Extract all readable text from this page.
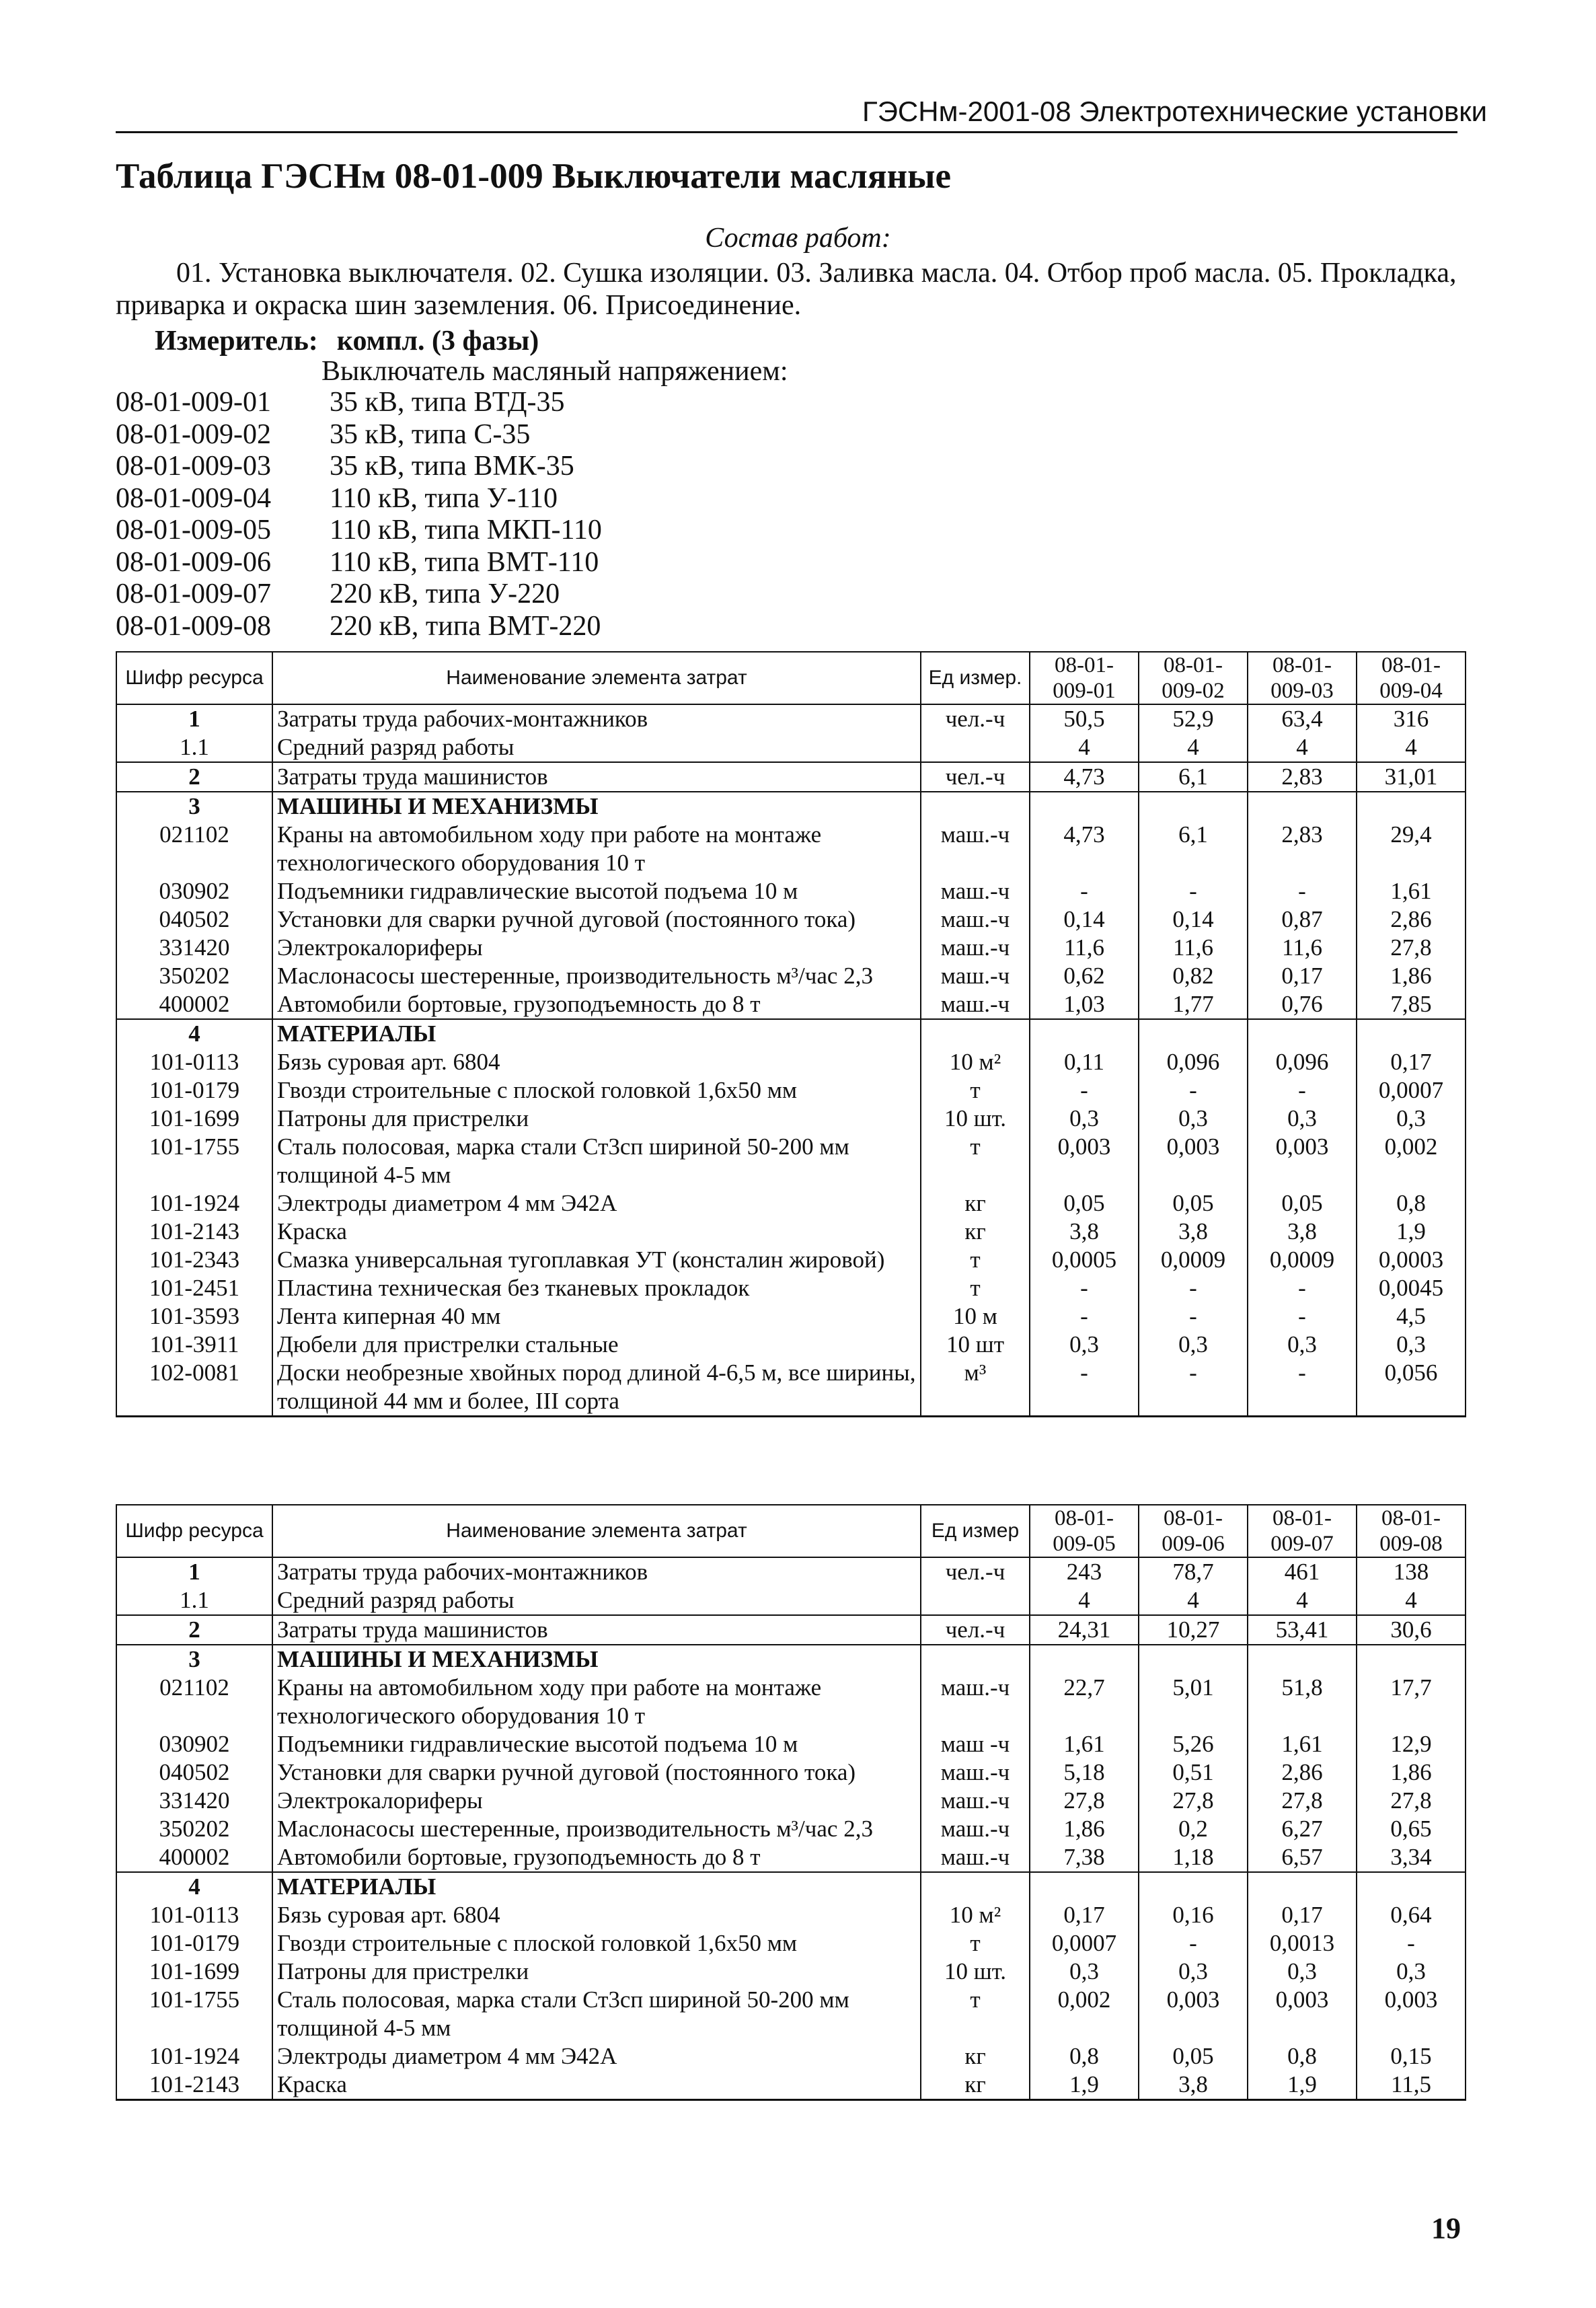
ГЭСНм-2001-08 Электротехнические установки
Таблица ГЭСНм 08-01-009 Выключатели масляные
Состав работ:
01. Установка выключателя. 02. Сушка изоляции. 03. Заливка масла. 04. Отбор проб масла. 05. Прокладка, приварка и окраска шин заземления. 06. Присоединение.
Измеритель: компл. (3 фазы)
Выключатель масляный напряжением:
08-01-009-01	35 кВ, типа ВТД-35
08-01-009-02	35 кВ, типа С-35
08-01-009-03	35 кВ, типа ВМК-35
08-01-009-04	110 кВ, типа У-110
08-01-009-05	110 кВ, типа МКП-110
08-01-009-06	110 кВ, типа ВМТ-110
08-01-009-07	220 кВ, типа У-220
08-01-009-08	220 кВ, типа ВМТ-220
Шифр ресурса	Наименование элемента затрат	Ед измер.	08-01-009-01	08-01-009-02	08-01-009-03	08-01-009-04
1	Затраты труда рабочих-монтажников	чел.-ч	50,5	52,9	63,4	316
1.1	Средний разряд работы		4	4	4	4
2	Затраты труда машинистов	чел.-ч	4,73	6,1	2,83	31,01
3	МАШИНЫ И МЕХАНИЗМЫ					
021102	Краны на автомобильном ходу при работе на монтаже технологического оборудования 10 т	маш.-ч	4,73	6,1	2,83	29,4
030902	Подъемники гидравлические высотой подъема 10 м	маш.-ч	-	-	-	1,61
040502	Установки для сварки ручной дуговой (постоянного тока)	маш.-ч	0,14	0,14	0,87	2,86
331420	Электрокалориферы	маш.-ч	11,6	11,6	11,6	27,8
350202	Маслонасосы шестеренные, производительность м³/час 2,3	маш.-ч	0,62	0,82	0,17	1,86
400002	Автомобили бортовые, грузоподъемность до 8 т	маш.-ч	1,03	1,77	0,76	7,85
4	МАТЕРИАЛЫ					
101-0113	Бязь суровая арт. 6804	10 м²	0,11	0,096	0,096	0,17
101-0179	Гвозди строительные с плоской головкой 1,6х50 мм	т	-	-	-	0,0007
101-1699	Патроны для пристрелки	10 шт.	0,3	0,3	0,3	0,3
101-1755	Сталь полосовая, марка стали Ст3сп шириной 50-200 мм толщиной 4-5 мм	т	0,003	0,003	0,003	0,002
101-1924	Электроды диаметром 4 мм Э42А	кг	0,05	0,05	0,05	0,8
101-2143	Краска	кг	3,8	3,8	3,8	1,9
101-2343	Смазка универсальная тугоплавкая УТ (консталин жировой)	т	0,0005	0,0009	0,0009	0,0003
101-2451	Пластина техническая без тканевых прокладок	т	-	-	-	0,0045
101-3593	Лента киперная 40 мм	10 м	-	-	-	4,5
101-3911	Дюбели для пристрелки стальные	10 шт	0,3	0,3	0,3	0,3
102-0081	Доски необрезные хвойных пород длиной 4-6,5 м, все ширины, толщиной 44 мм и более, III сорта	м³	-	-	-	0,056
Шифр ресурса	Наименование элемента затрат	Ед измер	08-01-009-05	08-01-009-06	08-01-009-07	08-01-009-08
1	Затраты труда рабочих-монтажников	чел.-ч	243	78,7	461	138
1.1	Средний разряд работы		4	4	4	4
2	Затраты труда машинистов	чел.-ч	24,31	10,27	53,41	30,6
3	МАШИНЫ И МЕХАНИЗМЫ					
021102	Краны на автомобильном ходу при работе на монтаже технологического оборудования 10 т	маш.-ч	22,7	5,01	51,8	17,7
030902	Подъемники гидравлические высотой подъема 10 м	маш -ч	1,61	5,26	1,61	12,9
040502	Установки для сварки ручной дуговой (постоянного тока)	маш.-ч	5,18	0,51	2,86	1,86
331420	Электрокалориферы	маш.-ч	27,8	27,8	27,8	27,8
350202	Маслонасосы шестеренные, производительность м³/час 2,3	маш.-ч	1,86	0,2	6,27	0,65
400002	Автомобили бортовые, грузоподъемность до 8 т	маш.-ч	7,38	1,18	6,57	3,34
4	МАТЕРИАЛЫ					
101-0113	Бязь суровая арт. 6804	10 м²	0,17	0,16	0,17	0,64
101-0179	Гвозди строительные с плоской головкой 1,6х50 мм	т	0,0007	-	0,0013	-
101-1699	Патроны для пристрелки	10 шт.	0,3	0,3	0,3	0,3
101-1755	Сталь полосовая, марка стали Ст3сп шириной 50-200 мм толщиной 4-5 мм	т	0,002	0,003	0,003	0,003
101-1924	Электроды диаметром 4 мм Э42А	кг	0,8	0,05	0,8	0,15
101-2143	Краска	кг	1,9	3,8	1,9	11,5
19
